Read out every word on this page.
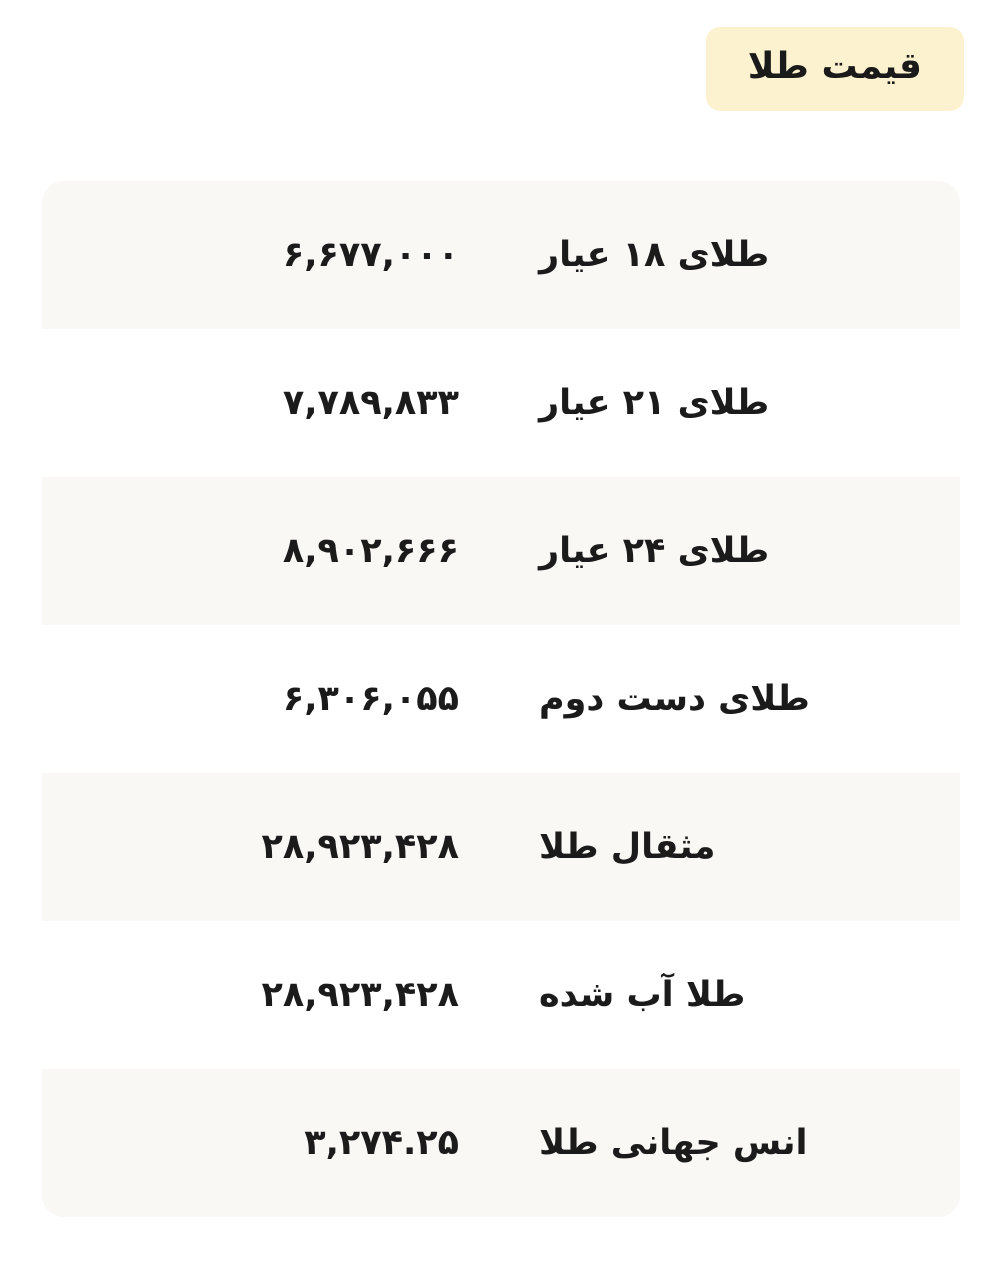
قیمت طلا
طلای ۱۸ عیار
۶,۶۷۷,۰۰۰
طلای ۲۱ عیار
۷,۷۸۹,۸۳۳
طلای ۲۴ عیار
۸,۹۰۲,۶۶۶
طلای دست دوم
۶,۳۰۶,۰۵۵
مثقال طلا
۲۸,۹۲۳,۴۲۸
طلا آب شده
۲۸,۹۲۳,۴۲۸
انس جهانی طلا
۳,۲۷۴.۲۵
